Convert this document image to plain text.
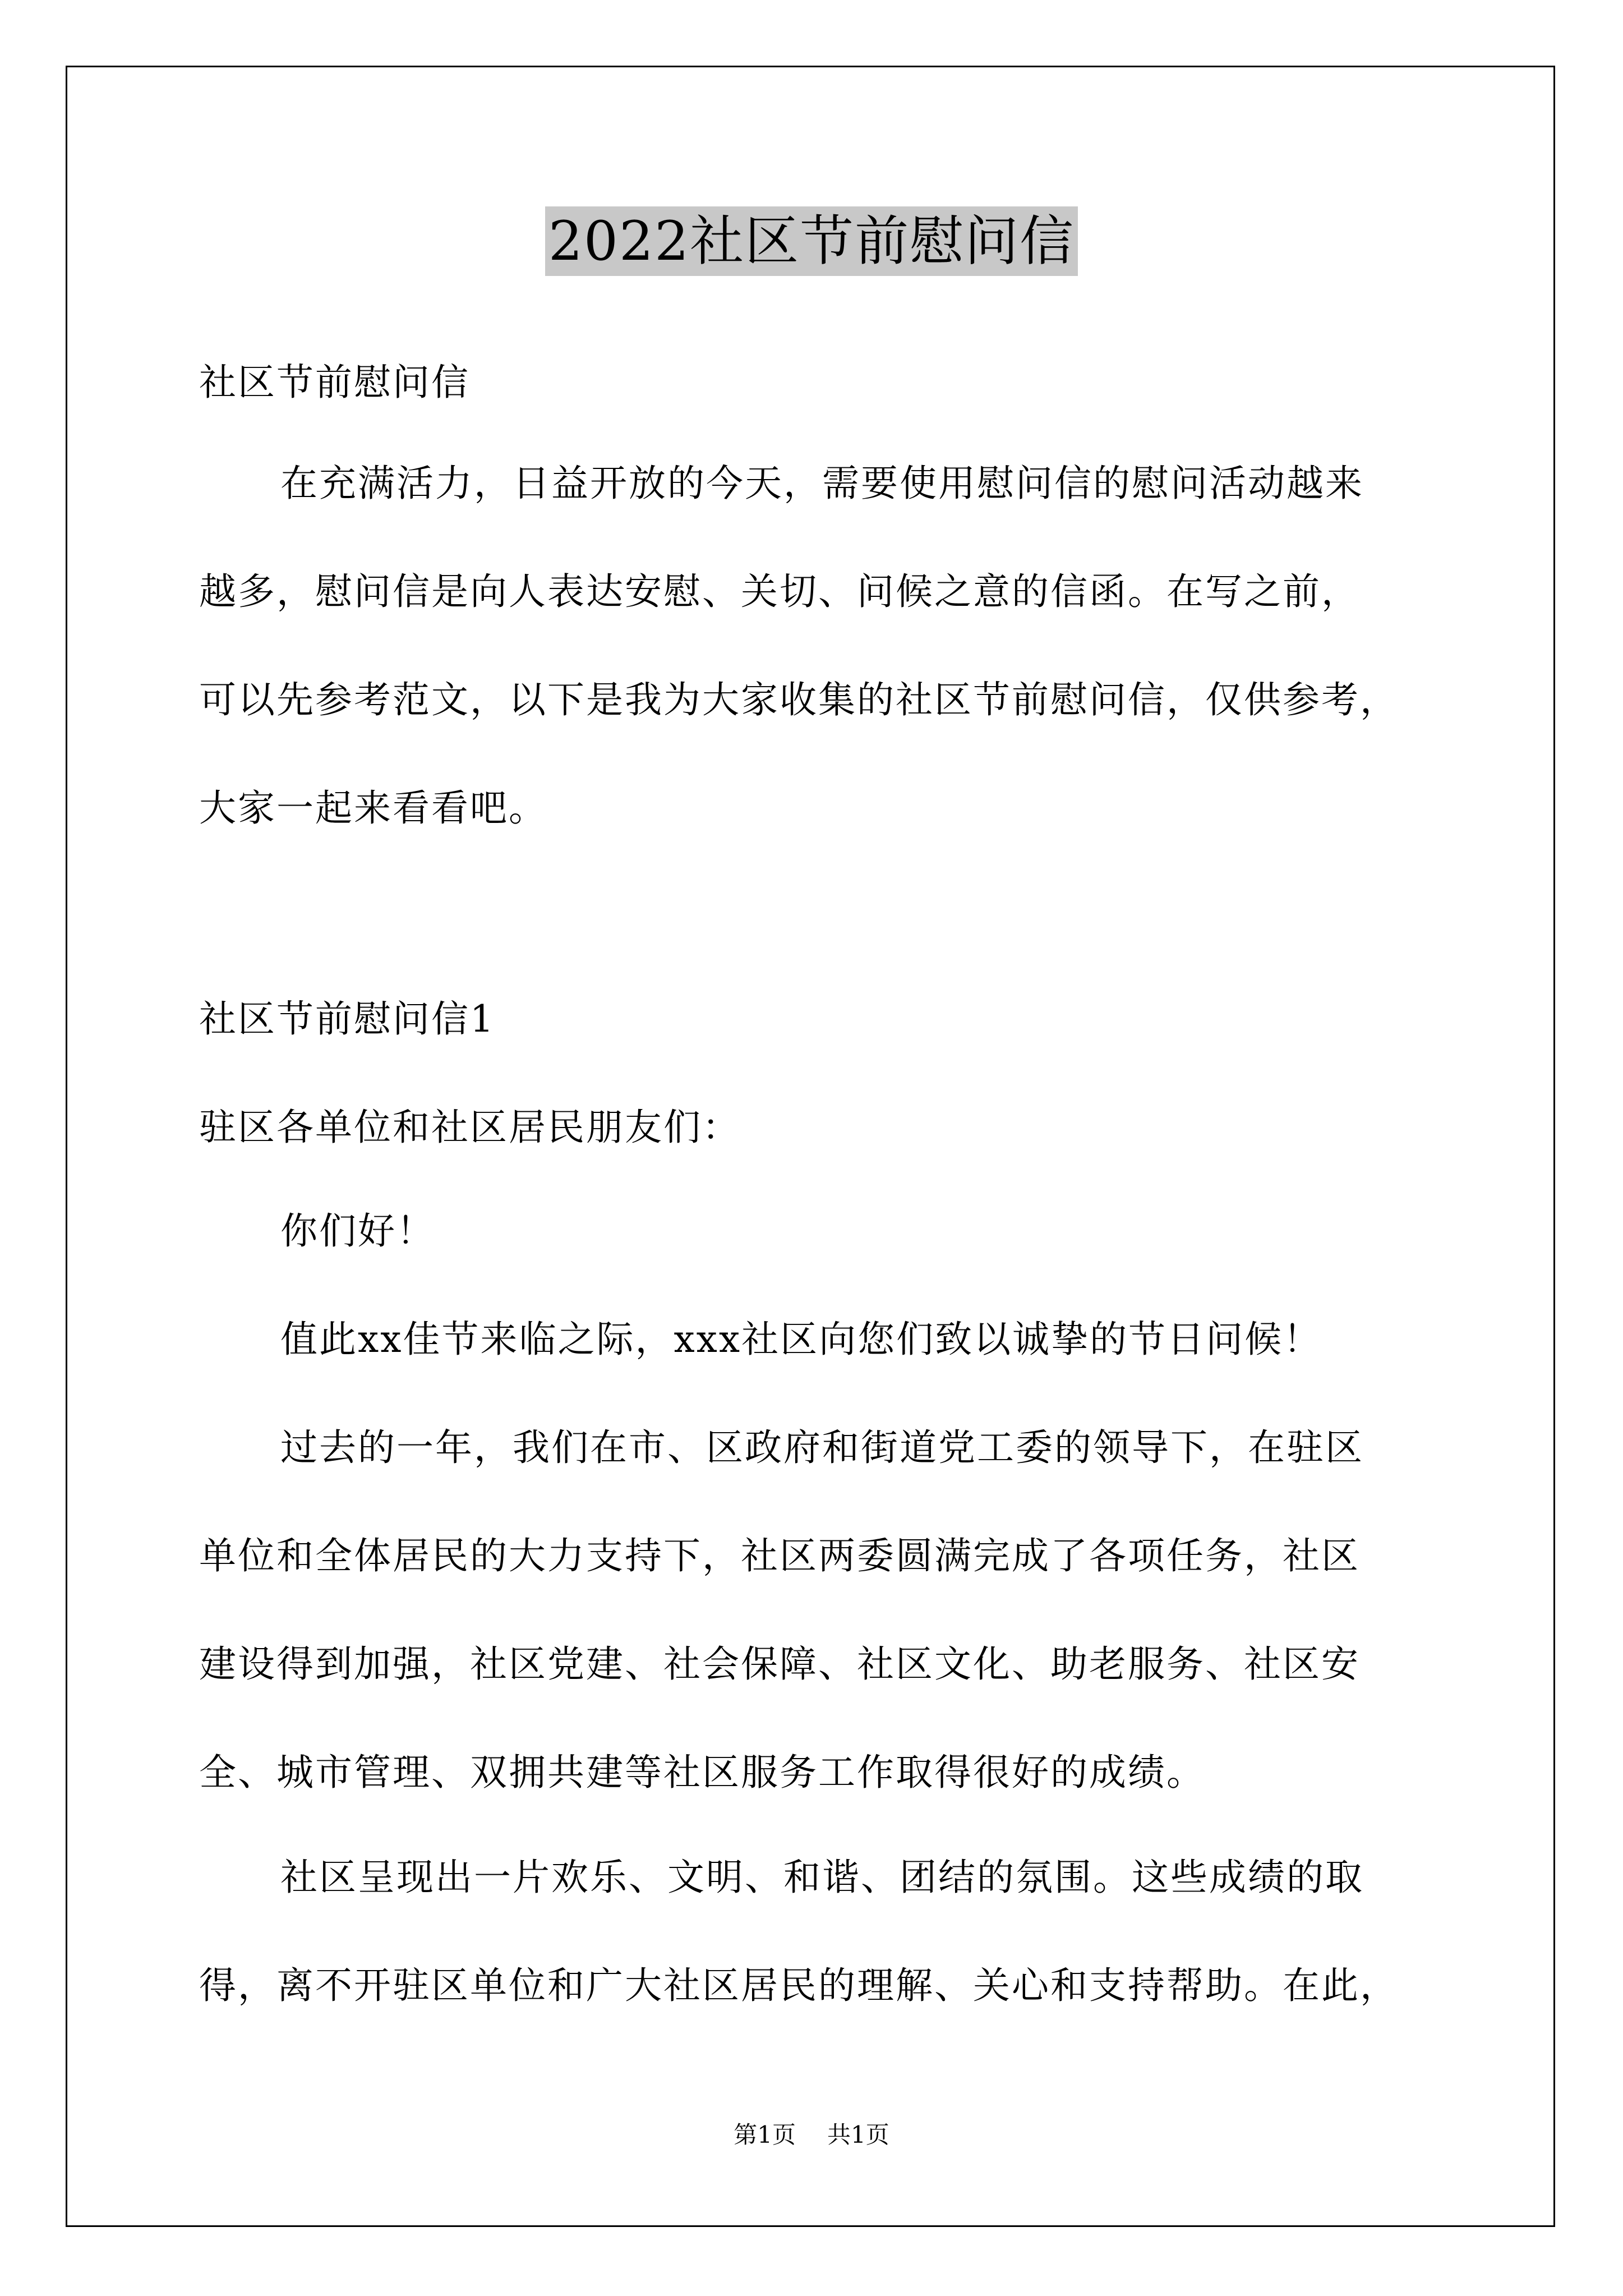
2022社区节前慰问信
社区节前慰问信
在充满活力，日益开放的今天，需要使用慰问信的慰问活动越来
越多，慰问信是向人表达安慰、关切、问候之意的信函。在写之前，
可以先参考范文，以下是我为大家收集的社区节前慰问信，仅供参考，
大家一起来看看吧。
社区节前慰问信1
驻区各单位和社区居民朋友们：
你们好！
值此xx佳节来临之际，xxx社区向您们致以诚挚的节日问候！
过去的一年，我们在市、区政府和街道党工委的领导下，在驻区
单位和全体居民的大力支持下，社区两委圆满完成了各项任务，社区
建设得到加强，社区党建、社会保障、社区文化、助老服务、社区安
全、城市管理、双拥共建等社区服务工作取得很好的成绩。
社区呈现出一片欢乐、文明、和谐、团结的氛围。这些成绩的取
得，离不开驻区单位和广大社区居民的理解、关心和支持帮助。在此，
第1页 共1页
